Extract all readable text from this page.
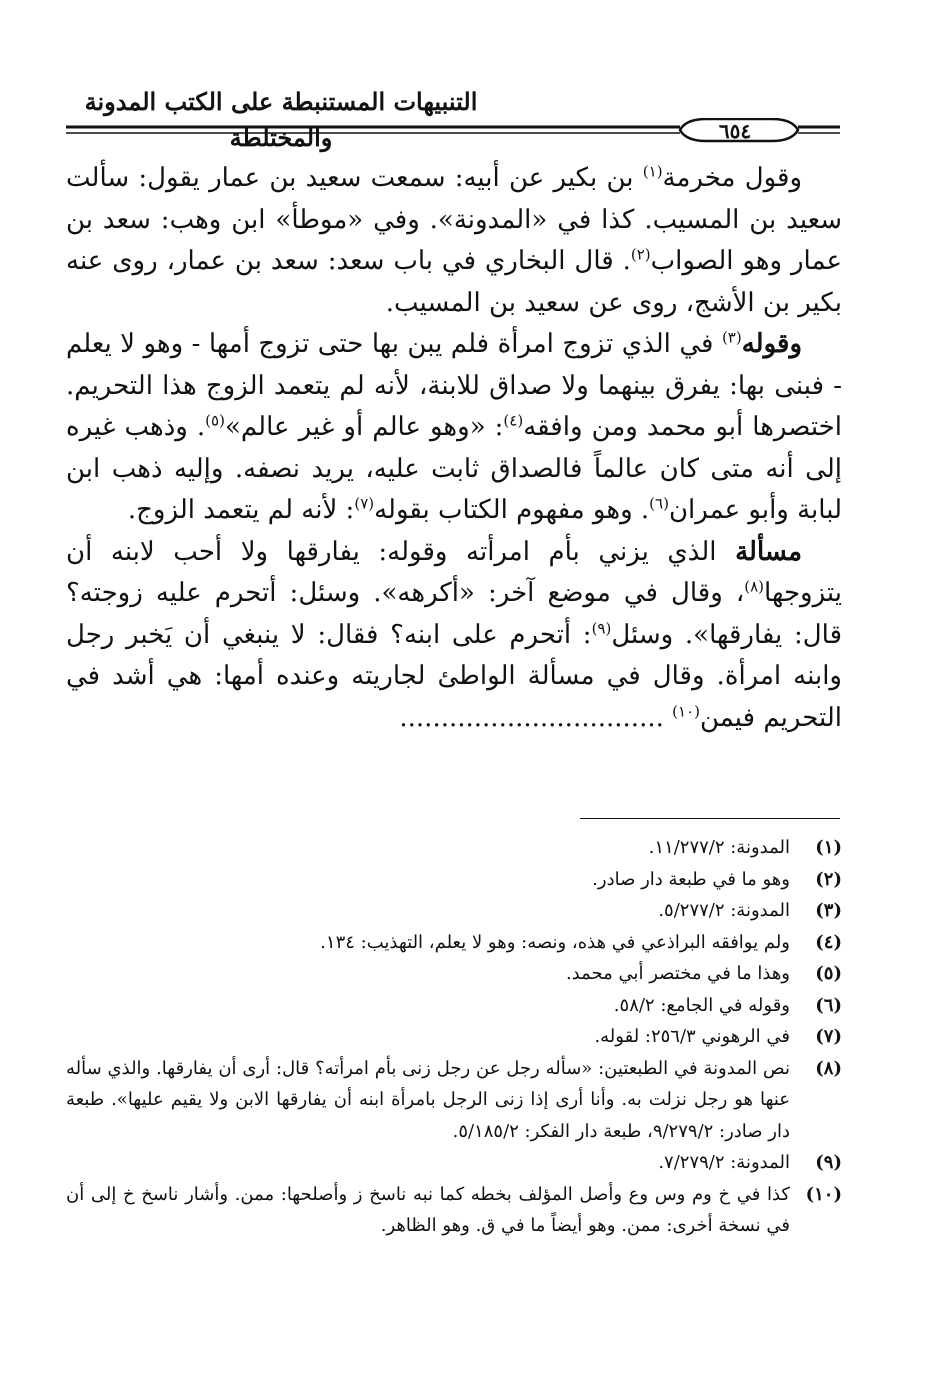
التنبيهات المستنبطة على الكتب المدونة والمختلطة	٦٥٤

وقول مخرمة$^{(١)}$ بن بكير عن أبيه: سمعت سعيد بن عمار يقول: سألت سعيد بن المسيب. كذا في «المدونة». وفي «موطأ» ابن وهب: سعد بن عمار وهو الصواب$^{(٢)}$. قال البخاري في باب سعد: سعد بن عمار، روى عنه بكير بن الأشج، روى عن سعيد بن المسيب.

وقوله$^{(٣)}$ في الذي تزوج امرأة فلم يبن بها حتى تزوج أمها - وهو لا يعلم - فبنى بها: يفرق بينهما ولا صداق للابنة، لأنه لم يتعمد الزوج هذا التحريم. اختصرها أبو محمد ومن وافقه$^{(٤)}$: «وهو عالم أو غير عالم»$^{(٥)}$. وذهب غيره إلى أنه متى كان عالماً فالصداق ثابت عليه، يريد نصفه. وإليه ذهب ابن لبابة وأبو عمران$^{(٦)}$. وهو مفهوم الكتاب بقوله$^{(٧)}$: لأنه لم يتعمد الزوج.

مسألة الذي يزني بأم امرأته وقوله: يفارقها ولا أحب لابنه أن يتزوجها$^{(٨)}$، وقال في موضع آخر: «أكرهه». وسئل: أتحرم عليه زوجته؟ قال: يفارقها». وسئل$^{(٩)}$: أتحرم على ابنه؟ فقال: لا ينبغي أن يَخبر رجل وابنه امرأة. وقال في مسألة الواطئ لجاريته وعنده أمها: هي أشد في التحريم فيمن$^{(١٠)}$ ................................

(١)
المدونة: ١١/٢٧٧/٢.
(٢)
وهو ما في طبعة دار صادر.
(٣)
المدونة: ٥/٢٧٧/٢.
(٤)
ولم يوافقه البراذعي في هذه، ونصه: وهو لا يعلم، التهذيب: ١٣٤.
(٥)
وهذا ما في مختصر أبي محمد.
(٦)
وقوله في الجامع: ٥٨/٢.
(٧)
في الرهوني ٢٥٦/٣: لقوله.
(٨)
نص المدونة في الطبعتين: «سأله رجل عن رجل زنى بأم امرأته؟ قال: أرى أن يفارقها. والذي سأله عنها هو رجل نزلت به. وأنا أرى إذا زنى الرجل بامرأة ابنه أن يفارقها الابن ولا يقيم عليها». طبعة دار صادر: ٩/٢٧٩/٢، طبعة دار الفكر: ٥/١٨٥/٢.
(٩)
المدونة: ٧/٢٧٩/٢.
(١٠)
كذا في خ وم وس وع وأصل المؤلف بخطه كما نبه ناسخ ز وأصلحها: ممن. وأشار ناسخ خ إلى أن في نسخة أخرى: ممن. وهو أيضاً ما في ق. وهو الظاهر.
